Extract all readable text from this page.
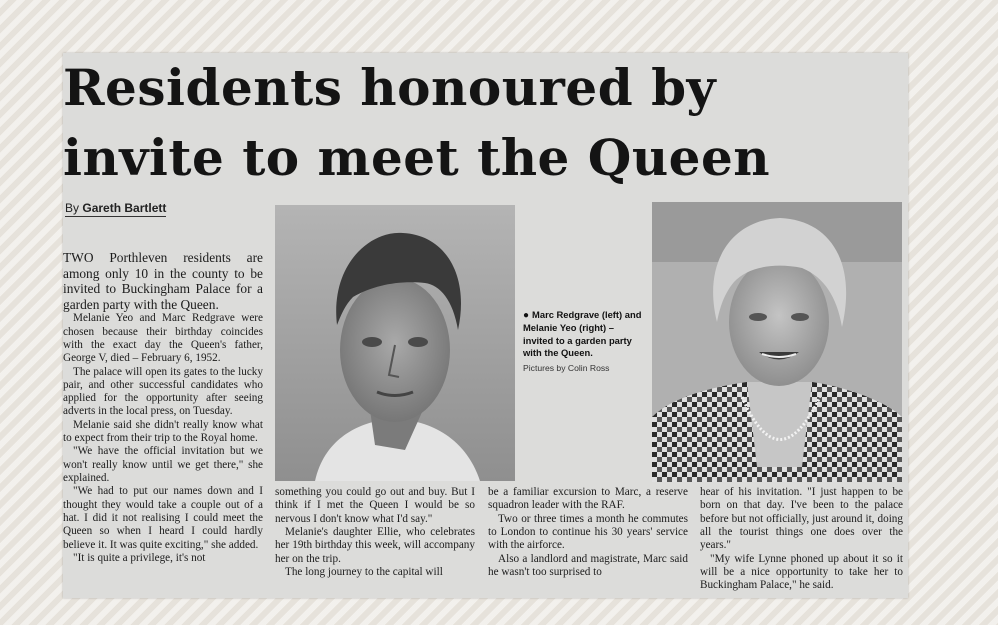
Residents honoured by
invite to meet the Queen
By Gareth Bartlett

TWO Porthleven residents are among only 10 in the county to be invited to Buckingham Palace for a garden party with the Queen.

Melanie Yeo and Marc Redgrave were chosen because their birthday coincides with the exact day the Queen's father, George V, died – February 6, 1952.

The palace will open its gates to the lucky pair, and other successful candidates who applied for the opportunity after seeing adverts in the local press, on Tuesday.

Melanie said she didn't really know what to expect from their trip to the Royal home.

"We have the official invitation but we won't really know until we get there," she explained.

"We had to put our names down and I thought they would take a couple out of a hat. I did it not realising I could meet the Queen so when I heard I could hardly believe it. It was quite exciting," she added.

"It is quite a privilege, it's not

● Marc Redgrave (left) and Melanie Yeo (right) – invited to a garden party with the Queen.
Pictures by Colin Ross

something you could go out and buy. But I think if I met the Queen I would be so nervous I don't know what I'd say."

Melanie's daughter Ellie, who celebrates her 19th birthday this week, will accompany her on the trip.

The long journey to the capital will

be a familiar excursion to Marc, a reserve squadron leader with the RAF.

Two or three times a month he commutes to London to continue his 30 years' service with the airforce.

Also a landlord and magistrate, Marc said he wasn't too surprised to

hear of his invitation. "I just happen to be born on that day. I've been to the palace before but not officially, just around it, doing all the tourist things one does over the years."

"My wife Lynne phoned up about it so it will be a nice opportunity to take her to Buckingham Palace," he said.
